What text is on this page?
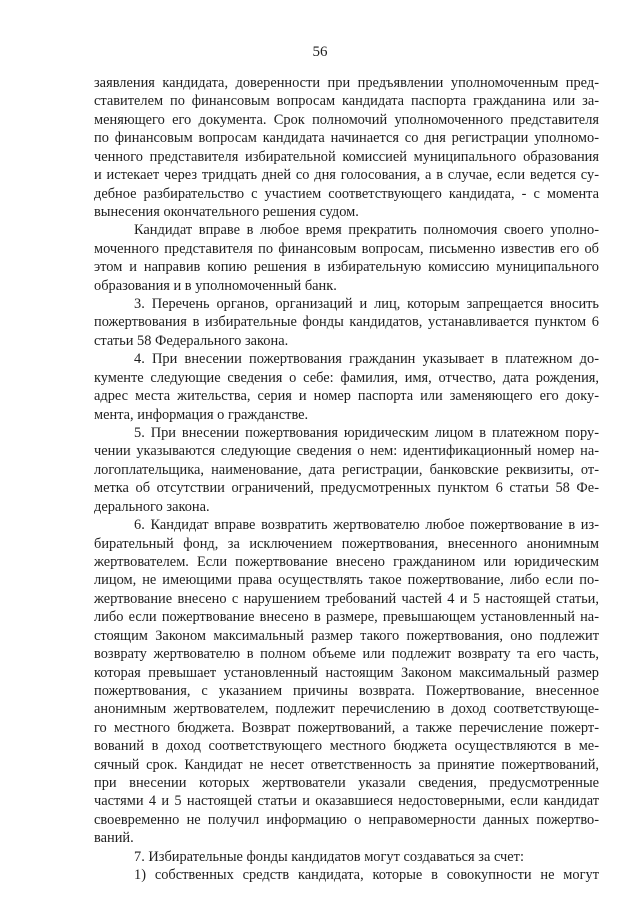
56

заявления кандидата, доверенности при предъявлении уполномоченным пред-

ставителем по финансовым вопросам кандидата паспорта гражданина или за-

меняющего его документа. Срок полномочий уполномоченного представителя

по финансовым вопросам кандидата начинается со дня регистрации уполномо-

ченного представителя избирательной комиссией муниципального образования

и истекает через тридцать дней со дня голосования, а в случае, если ведется су-

дебное разбирательство с участием соответствующего кандидата, - с момента

вынесения окончательного решения судом.

Кандидат вправе в любое время прекратить полномочия своего уполно-

моченного представителя по финансовым вопросам, письменно известив его об

этом и направив копию решения в избирательную комиссию муниципального

образования и в уполномоченный банк.

3. Перечень органов, организаций и лиц, которым запрещается вносить

пожертвования в избирательные фонды кандидатов, устанавливается пунктом 6

статьи 58 Федерального закона.

4. При внесении пожертвования гражданин указывает в платежном до-

кументе следующие сведения о себе: фамилия, имя, отчество, дата рождения,

адрес места жительства, серия и номер паспорта или заменяющего его доку-

мента, информация о гражданстве.

5. При внесении пожертвования юридическим лицом в платежном пору-

чении указываются следующие сведения о нем: идентификационный номер на-

логоплательщика, наименование, дата регистрации, банковские реквизиты, от-

метка об отсутствии ограничений, предусмотренных пунктом 6 статьи 58 Фе-

дерального закона.

6. Кандидат вправе возвратить жертвователю любое пожертвование в из-

бирательный фонд, за исключением пожертвования, внесенного анонимным

жертвователем. Если пожертвование внесено гражданином или юридическим

лицом, не имеющими права осуществлять такое пожертвование, либо если по-

жертвование внесено с нарушением требований частей 4 и 5 настоящей статьи,

либо если пожертвование внесено в размере, превышающем установленный на-

стоящим Законом максимальный размер такого пожертвования, оно подлежит

возврату жертвователю в полном объеме или подлежит возврату та его часть,

которая превышает установленный настоящим Законом максимальный размер

пожертвования, с указанием причины возврата. Пожертвование, внесенное

анонимным жертвователем, подлежит перечислению в доход соответствующе-

го местного бюджета. Возврат пожертвований, а также перечисление пожерт-

вований в доход соответствующего местного бюджета осуществляются в ме-

сячный срок. Кандидат не несет ответственность за принятие пожертвований,

при внесении которых жертвователи указали сведения, предусмотренные

частями 4 и 5 настоящей статьи и оказавшиеся недостоверными, если кандидат

своевременно не получил информацию о неправомерности данных пожертво-

ваний.

7. Избирательные фонды кандидатов могут создаваться за счет:

1) собственных средств кандидата, которые в совокупности не могут
